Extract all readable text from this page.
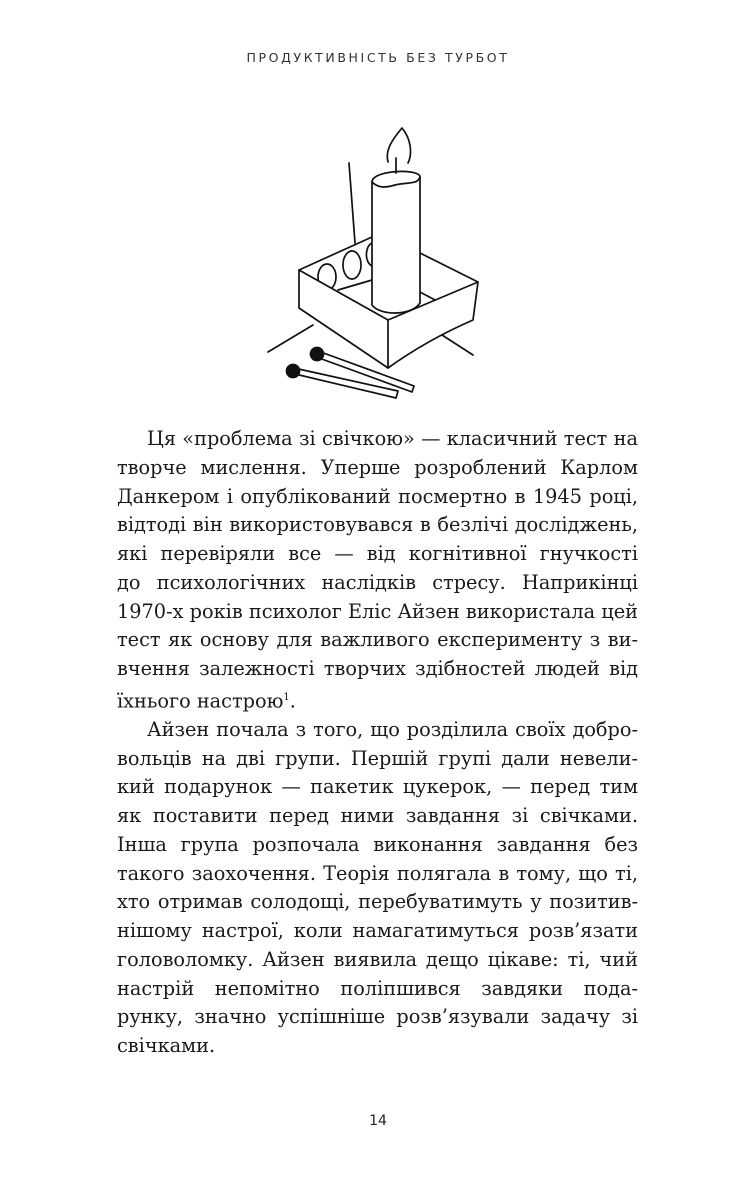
ПРОДУКТИВНІСТЬ БЕЗ ТУРБОТ

Ця «проблема зі свічкою» — класичний тест на
творче мислення. Уперше розроблений Карлом
Данкером і опублікований посмертно в 1945 році,
відтоді він використовувався в безлічі досліджень,
які перевіряли все — від когнітивної гнучкості
до психологічних наслідків стресу. Наприкінці
1970-х років психолог Еліс Айзен використала цей
тест як основу для важливого експерименту з ви-
вчення залежності творчих здібностей людей від
їхнього настрою$^1$.

Айзен почала з того, що розділила своїх добро-
вольців на дві групи. Першій групі дали невели-
кий подарунок — пакетик цукерок, — перед тим
як поставити перед ними завдання зі свічками.
Інша група розпочала виконання завдання без
такого заохочення. Теорія полягала в тому, що ті,
хто отримав солодощі, перебуватимуть у позитив-
нішому настрої, коли намагатимуться розв’язати
головоломку. Айзен виявила дещо цікаве: ті, чий
настрій непомітно поліпшився завдяки пода-
рунку, значно успішніше розв’язували задачу зі
свічками.

14
